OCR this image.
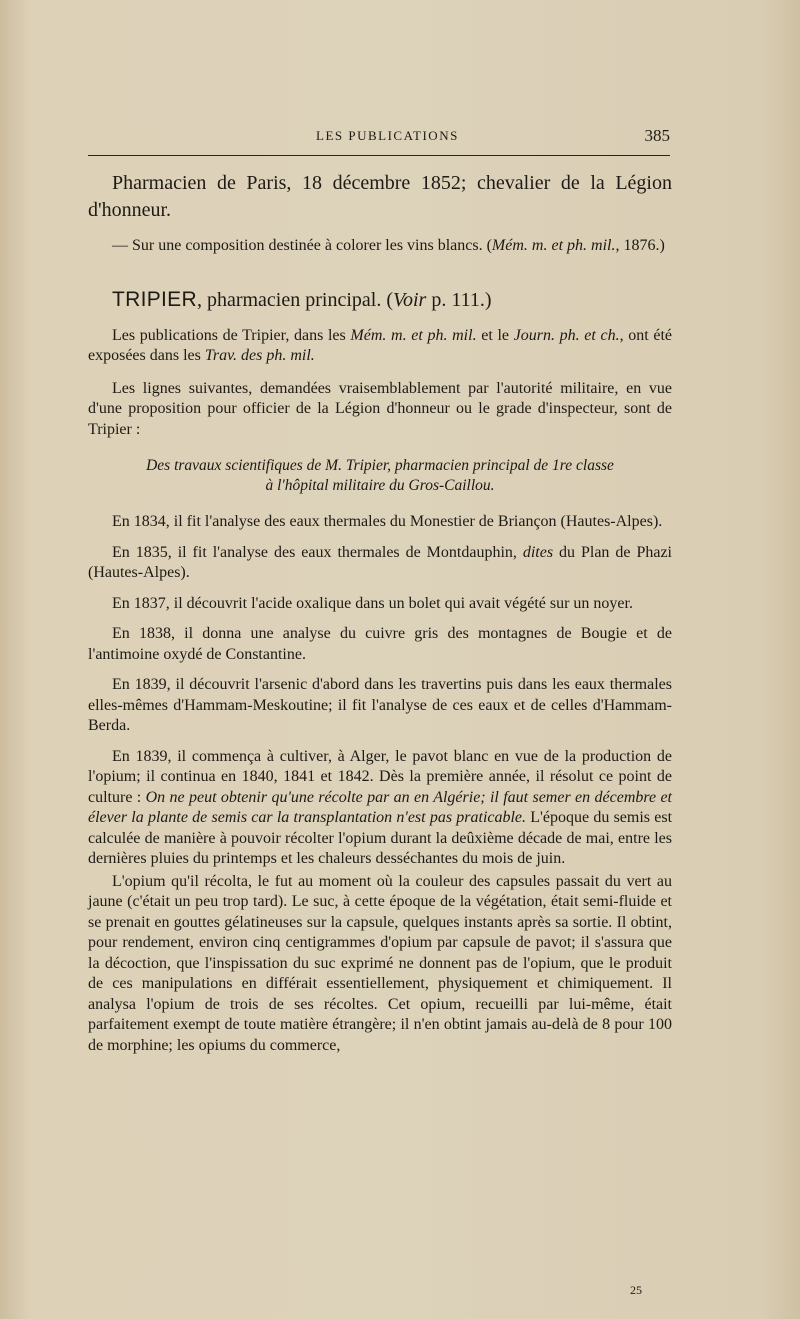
LES PUBLICATIONS	385

Pharmacien de Paris, 18 décembre 1852; chevalier de la Légion d'honneur.

— Sur une composition destinée à colorer les vins blancs. (Mém. m. et ph. mil., 1876.)

TRIPIER, pharmacien principal. (Voir p. 111.)

Les publications de Tripier, dans les Mém. m. et ph. mil. et le Journ. ph. et ch., ont été exposées dans les Trav. des ph. mil.

Les lignes suivantes, demandées vraisemblablement par l'autorité militaire, en vue d'une proposition pour officier de la Légion d'honneur ou le grade d'inspecteur, sont de Tripier :

Des travaux scientifiques de M. Tripier, pharmacien principal de 1re classe
à l'hôpital militaire du Gros-Caillou.

En 1834, il fit l'analyse des eaux thermales du Monestier de Briançon (Hautes-Alpes).

En 1835, il fit l'analyse des eaux thermales de Montdauphin, dites du Plan de Phazi (Hautes-Alpes).

En 1837, il découvrit l'acide oxalique dans un bolet qui avait végété sur un noyer.

En 1838, il donna une analyse du cuivre gris des montagnes de Bougie et de l'antimoine oxydé de Constantine.

En 1839, il découvrit l'arsenic d'abord dans les travertins puis dans les eaux thermales elles-mêmes d'Hammam-Meskoutine; il fit l'analyse de ces eaux et de celles d'Hammam-Berda.

En 1839, il commença à cultiver, à Alger, le pavot blanc en vue de la production de l'opium; il continua en 1840, 1841 et 1842. Dès la première année, il résolut ce point de culture : On ne peut obtenir qu'une récolte par an en Algérie; il faut semer en décembre et élever la plante de semis car la transplantation n'est pas praticable. L'époque du semis est calculée de manière à pouvoir récolter l'opium durant la deûxième décade de mai, entre les dernières pluies du printemps et les chaleurs desséchantes du mois de juin.

L'opium qu'il récolta, le fut au moment où la couleur des capsules passait du vert au jaune (c'était un peu trop tard). Le suc, à cette époque de la végétation, était semi-fluide et se prenait en gouttes gélatineuses sur la capsule, quelques instants après sa sortie. Il obtint, pour rendement, environ cinq centigrammes d'opium par capsule de pavot; il s'assura que la décoction, que l'inspissation du suc exprimé ne donnent pas de l'opium, que le produit de ces manipulations en différait essentiellement, physiquement et chimiquement. Il analysa l'opium de trois de ses récoltes. Cet opium, recueilli par lui-même, était parfaitement exempt de toute matière étrangère; il n'en obtint jamais au-delà de 8 pour 100 de morphine; les opiums du commerce,

25
